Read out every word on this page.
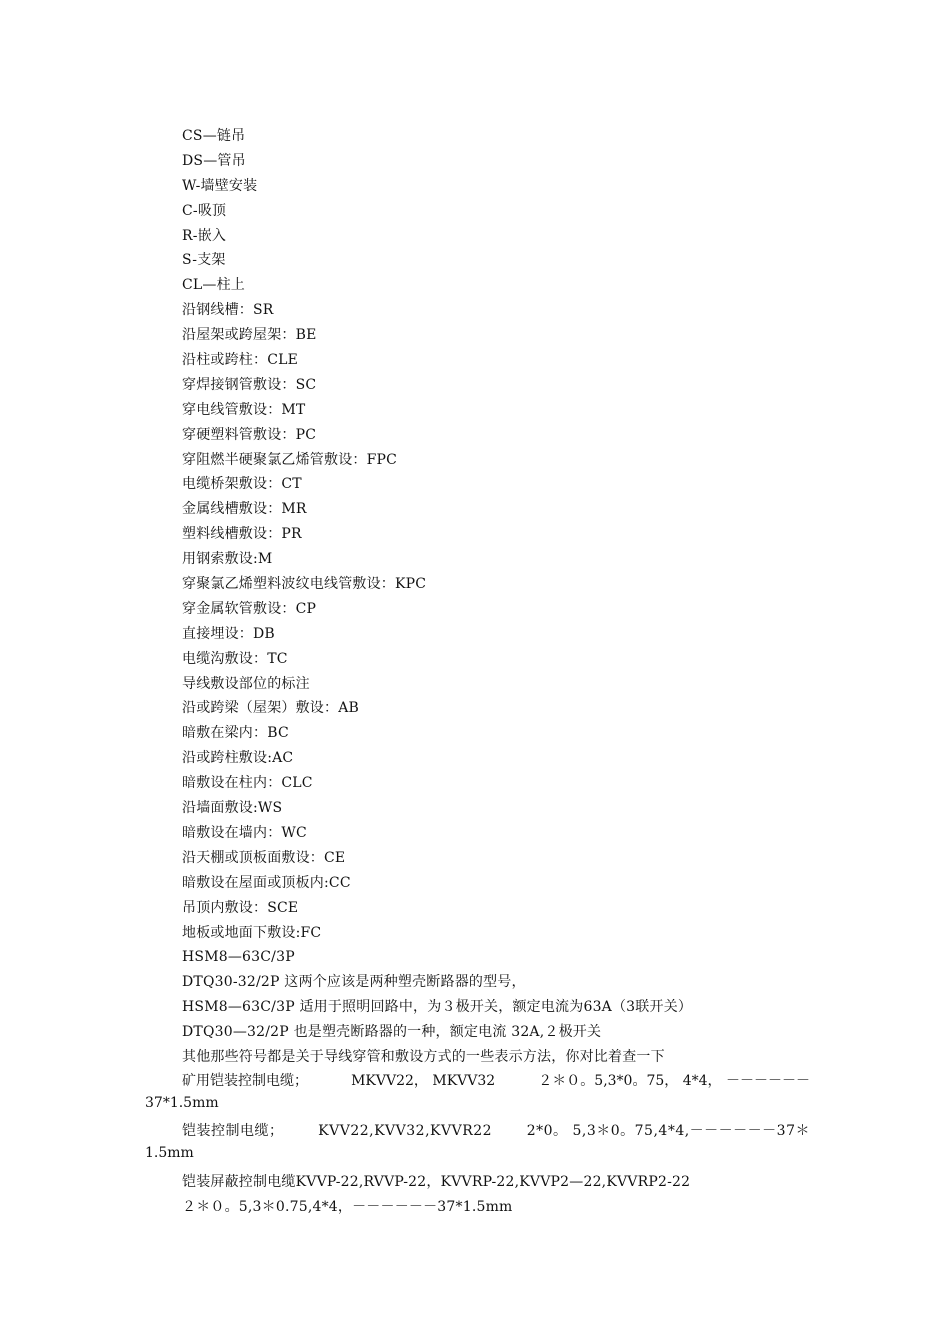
CS—链吊
DS—管吊
W-墙壁安装
C-吸顶
R-嵌入
S-支架
CL—柱上
沿钢线槽：SR
沿屋架或跨屋架：BE
沿柱或跨柱：CLE
穿焊接钢管敷设：SC
穿电线管敷设：MT
穿硬塑料管敷设：PC
穿阻燃半硬聚氯乙烯管敷设：FPC
电缆桥架敷设：CT
金属线槽敷设：MR
塑料线槽敷设：PR
用钢索敷设:M
穿聚氯乙烯塑料波纹电线管敷设：KPC
穿金属软管敷设：CP
直接埋设：DB
电缆沟敷设：TC
导线敷设部位的标注
沿或跨梁（屋架）敷设：AB
暗敷在梁内：BC
沿或跨柱敷设:AC
暗敷设在柱内：CLC
沿墙面敷设:WS
暗敷设在墙内：WC
沿天棚或顶板面敷设：CE
暗敷设在屋面或顶板内:CC
吊顶内敷设：SCE
地板或地面下敷设:FC
HSM8—63C/3P
DTQ30-32/2P 这两个应该是两种塑壳断路器的型号，
HSM8—63C/3P 适用于照明回路中，为３极开关，额定电流为63A（3联开关）
DTQ30—32/2P 也是塑壳断路器的一种，额定电流 32A,２极开关
其他那些符号都是关于导线穿管和敷设方式的一些表示方法，你对比着查一下
矿用铠装控制电缆；	MKVV22， MKVV32	２＊０。5,3*0。75， 4*4， －－－－－－
37*1.5mm
铠装控制电缆； KVV22,KVV32,KVVR22 2*0。 5,3＊0。75,4*4,－－－－－－37＊
1.5mm
铠装屏蔽控制电缆KVVP-22,RVVP-22，KVVRP-22,KVVP2—22,KVVRP2-22
２＊０。5,3＊0.75,4*4，－－－－－－37*1.5mm
